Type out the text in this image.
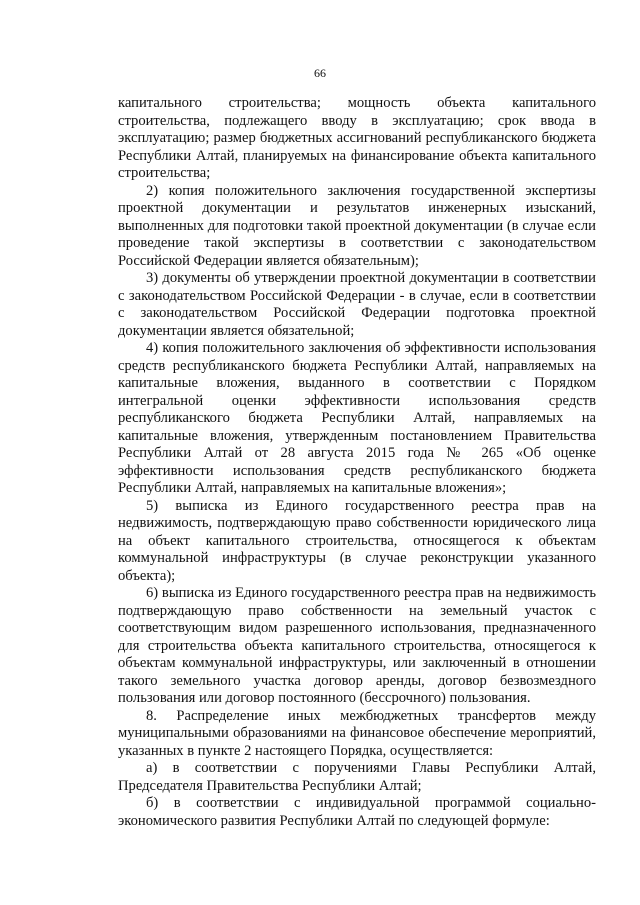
66

капитального строительства; мощность объекта капитального строительства, подлежащего вводу в эксплуатацию; срок ввода в эксплуатацию; размер бюджетных ассигнований республиканского бюджета Республики Алтай, планируемых на финансирование объекта капитального строительства;

2) копия положительного заключения государственной экспертизы проектной документации и результатов инженерных изысканий, выполненных для подготовки такой проектной документации (в случае если проведение такой экспертизы в соответствии с законодательством Российской Федерации является обязательным);

3) документы об утверждении проектной документации в соответствии с законодательством Российской Федерации - в случае, если в соответствии с законодательством Российской Федерации подготовка проектной документации является обязательной;

4) копия положительного заключения об эффективности использования средств республиканского бюджета Республики Алтай, направляемых на капитальные вложения, выданного в соответствии с Порядком интегральной оценки эффективности использования средств республиканского бюджета Республики Алтай, направляемых на капитальные вложения, утвержденным постановлением Правительства Республики Алтай от 28 августа 2015 года № 265 «Об оценке эффективности использования средств республиканского бюджета Республики Алтай, направляемых на капитальные вложения»;

5) выписка из Единого государственного реестра прав на недвижимость, подтверждающую право собственности юридического лица на объект капитального строительства, относящегося к объектам коммунальной инфраструктуры (в случае реконструкции указанного объекта);

6) выписка из Единого государственного реестра прав на недвижимость подтверждающую право собственности на земельный участок с соответствующим видом разрешенного использования, предназначенного для строительства объекта капитального строительства, относящегося к объектам коммунальной инфраструктуры, или заключенный в отношении такого земельного участка договор аренды, договор безвозмездного пользования или договор постоянного (бессрочного) пользования.

8. Распределение иных межбюджетных трансфертов между муниципальными образованиями на финансовое обеспечение мероприятий, указанных в пункте 2 настоящего Порядка, осуществляется:

а) в соответствии с поручениями Главы Республики Алтай, Председателя Правительства Республики Алтай;

б) в соответствии с индивидуальной программой социально-экономического развития Республики Алтай по следующей формуле:
